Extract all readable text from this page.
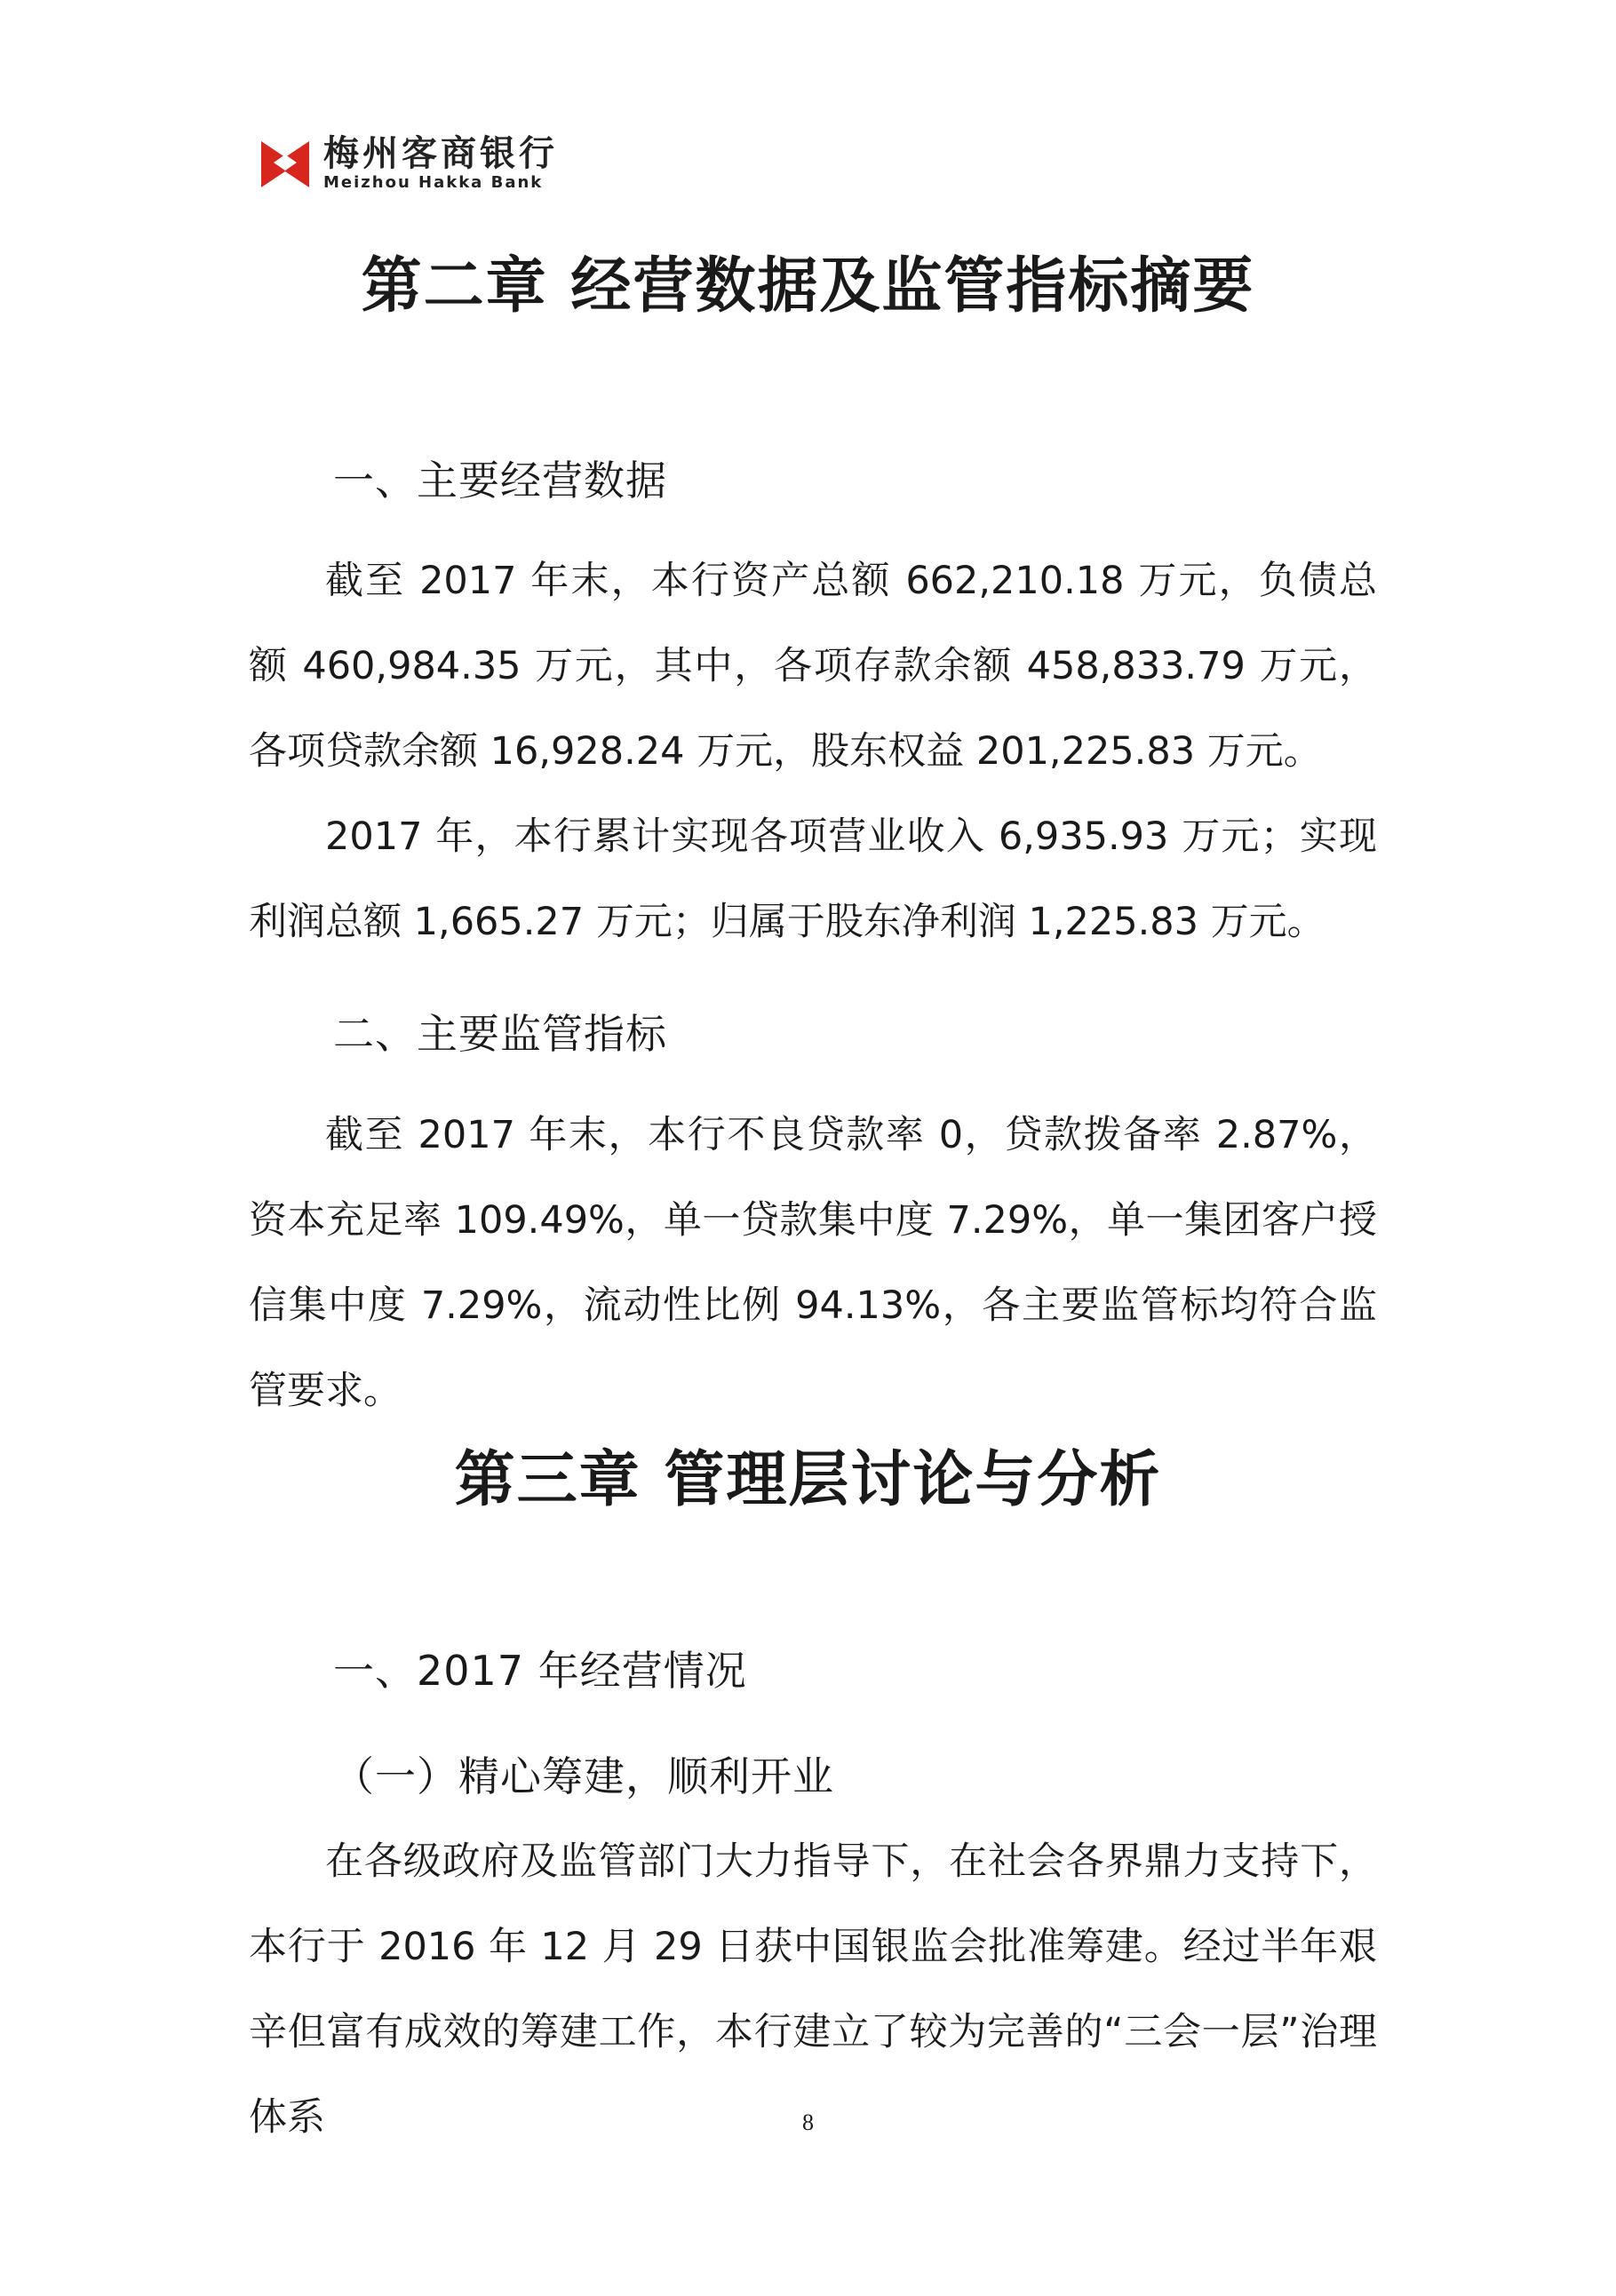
梅州客商银行
Meizhou Hakka Bank
第二章 经营数据及监管指标摘要
一、主要经营数据
截至 2017 年末，本行资产总额 662,210.18 万元，负债总额 460,984.35 万元，其中，各项存款余额 458,833.79 万元，各项贷款余额 16,928.24 万元，股东权益 201,225.83 万元。
2017 年，本行累计实现各项营业收入 6,935.93 万元；实现利润总额 1,665.27 万元；归属于股东净利润 1,225.83 万元。
二、主要监管指标
截至 2017 年末，本行不良贷款率 0，贷款拨备率 2.87%，资本充足率 109.49%，单一贷款集中度 7.29%，单一集团客户授信集中度 7.29%，流动性比例 94.13%，各主要监管标均符合监管要求。
第三章 管理层讨论与分析
一、2017 年经营情况
（一）精心筹建，顺利开业
在各级政府及监管部门大力指导下，在社会各界鼎力支持下，本行于 2016 年 12 月 29 日获中国银监会批准筹建。经过半年艰辛但富有成效的筹建工作，本行建立了较为完善的“三会一层”治理体系	8
